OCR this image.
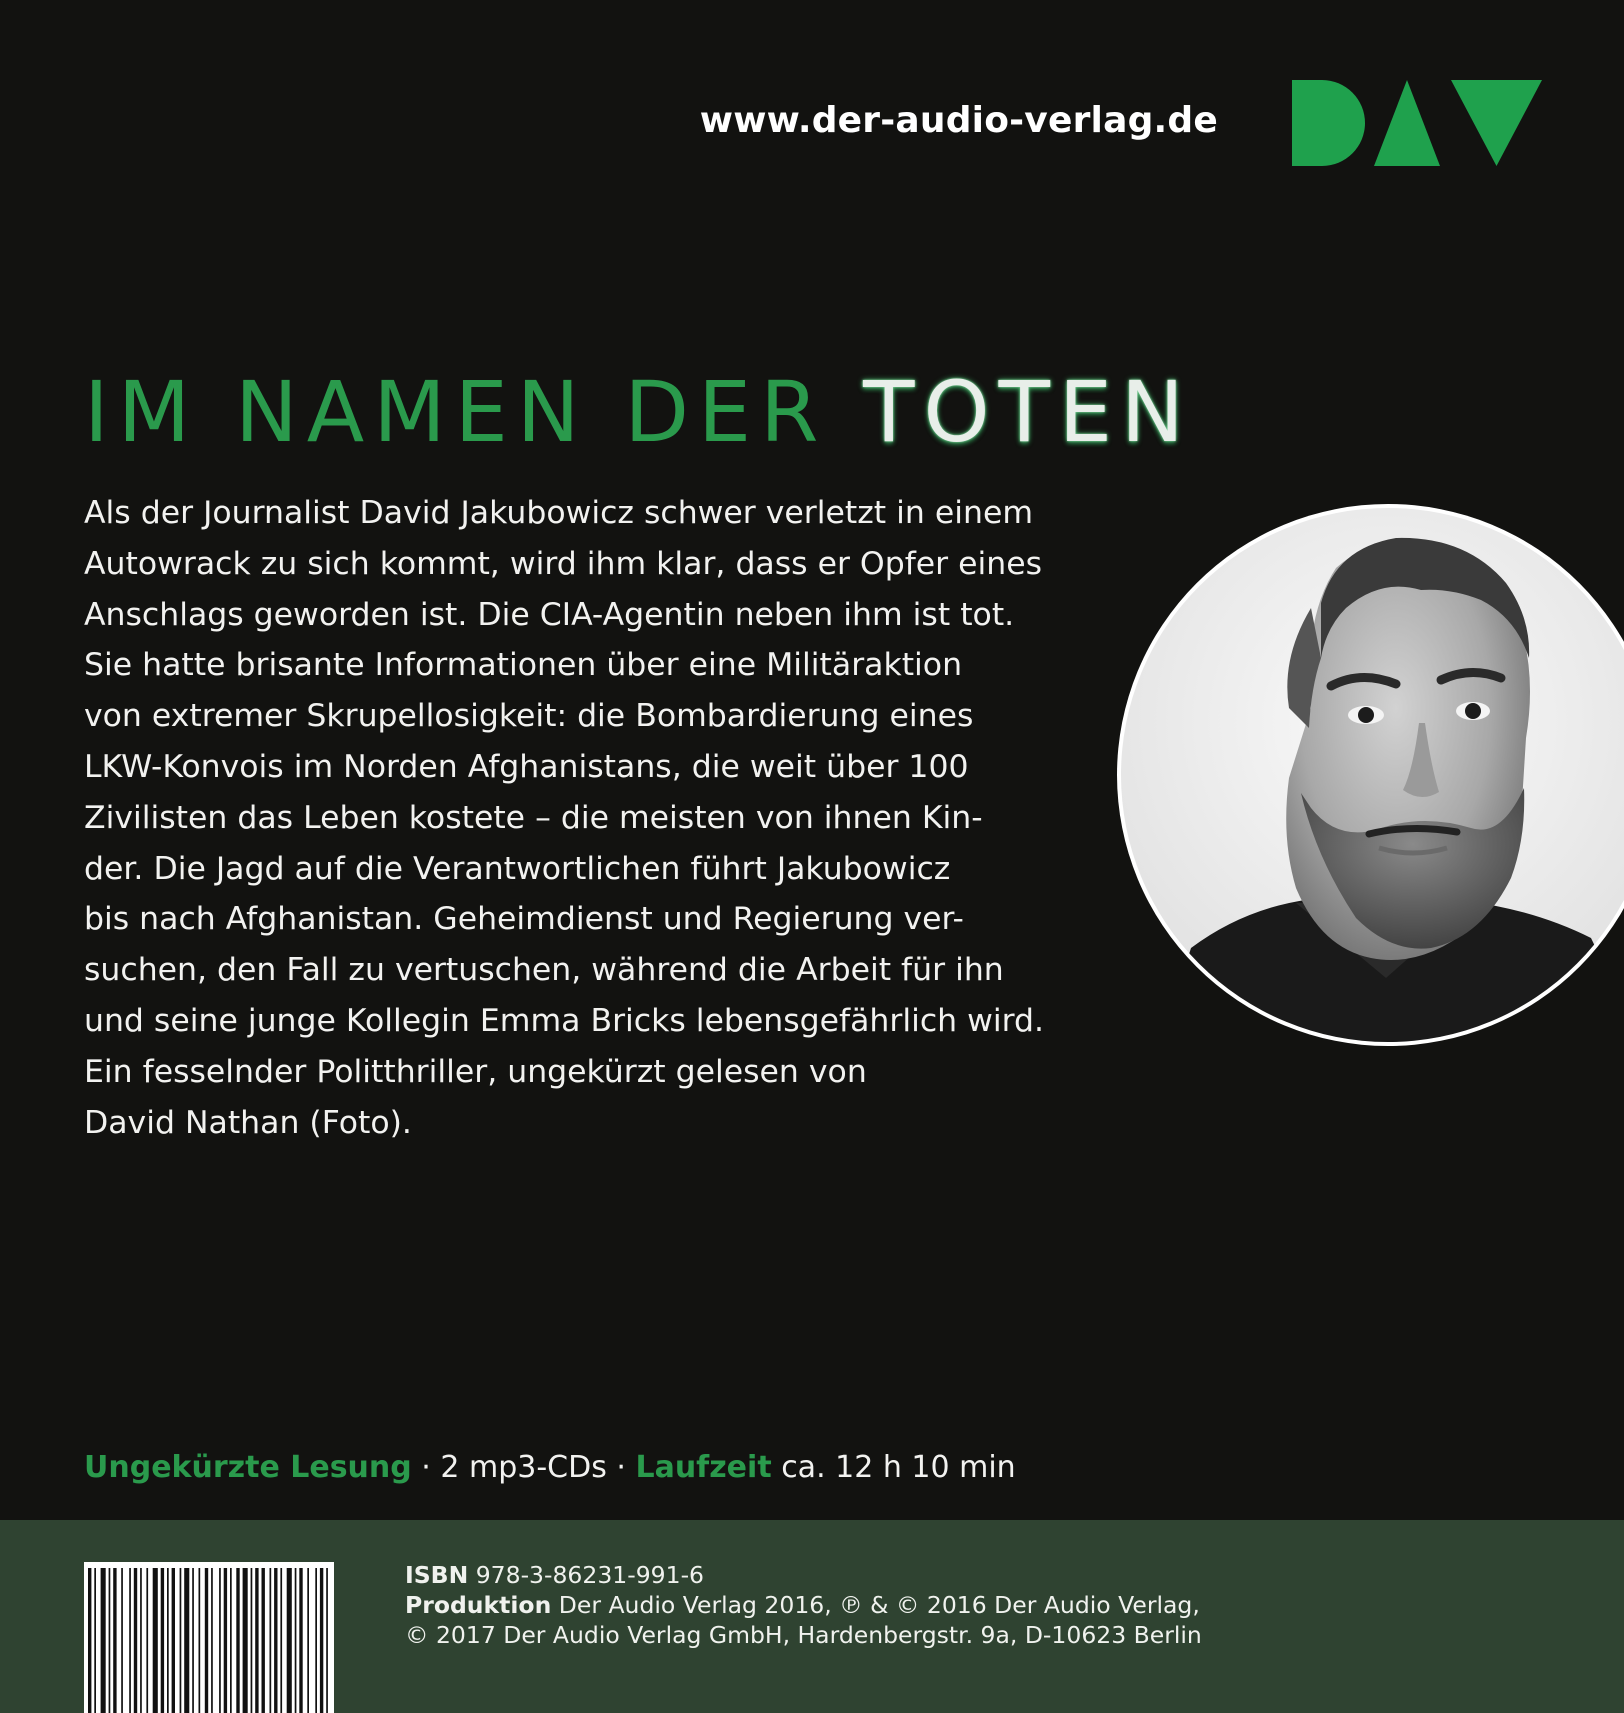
www.der-audio-verlag.de
IM NAMEN DER TOTEN
Als der Journalist David Jakubowicz schwer verletzt in einem
Autowrack zu sich kommt, wird ihm klar, dass er Opfer eines
Anschlags geworden ist. Die CIA-Agentin neben ihm ist tot.
Sie hatte brisante Informationen über eine Militäraktion
von extremer Skrupellosigkeit: die Bombardierung eines
LKW-Konvois im Norden Afghanistans, die weit über 100
Zivilisten das Leben kostete – die meisten von ihnen Kin-
der. Die Jagd auf die Verantwortlichen führt Jakubowicz
bis nach Afghanistan. Geheimdienst und Regierung ver-
suchen, den Fall zu vertuschen, während die Arbeit für ihn
und seine junge Kollegin Emma Bricks lebensgefährlich wird.
Ein fesselnder Politthriller, ungekürzt gelesen von
David Nathan (Foto).
Ungekürzte Lesung · 2 mp3-CDs · Laufzeit ca. 12 h 10 min
ISBN 978-3-86231-991-6
Produktion Der Audio Verlag 2016, ℗ & © 2016 Der Audio Verlag,
© 2017 Der Audio Verlag GmbH, Hardenbergstr. 9a, D-10623 Berlin
